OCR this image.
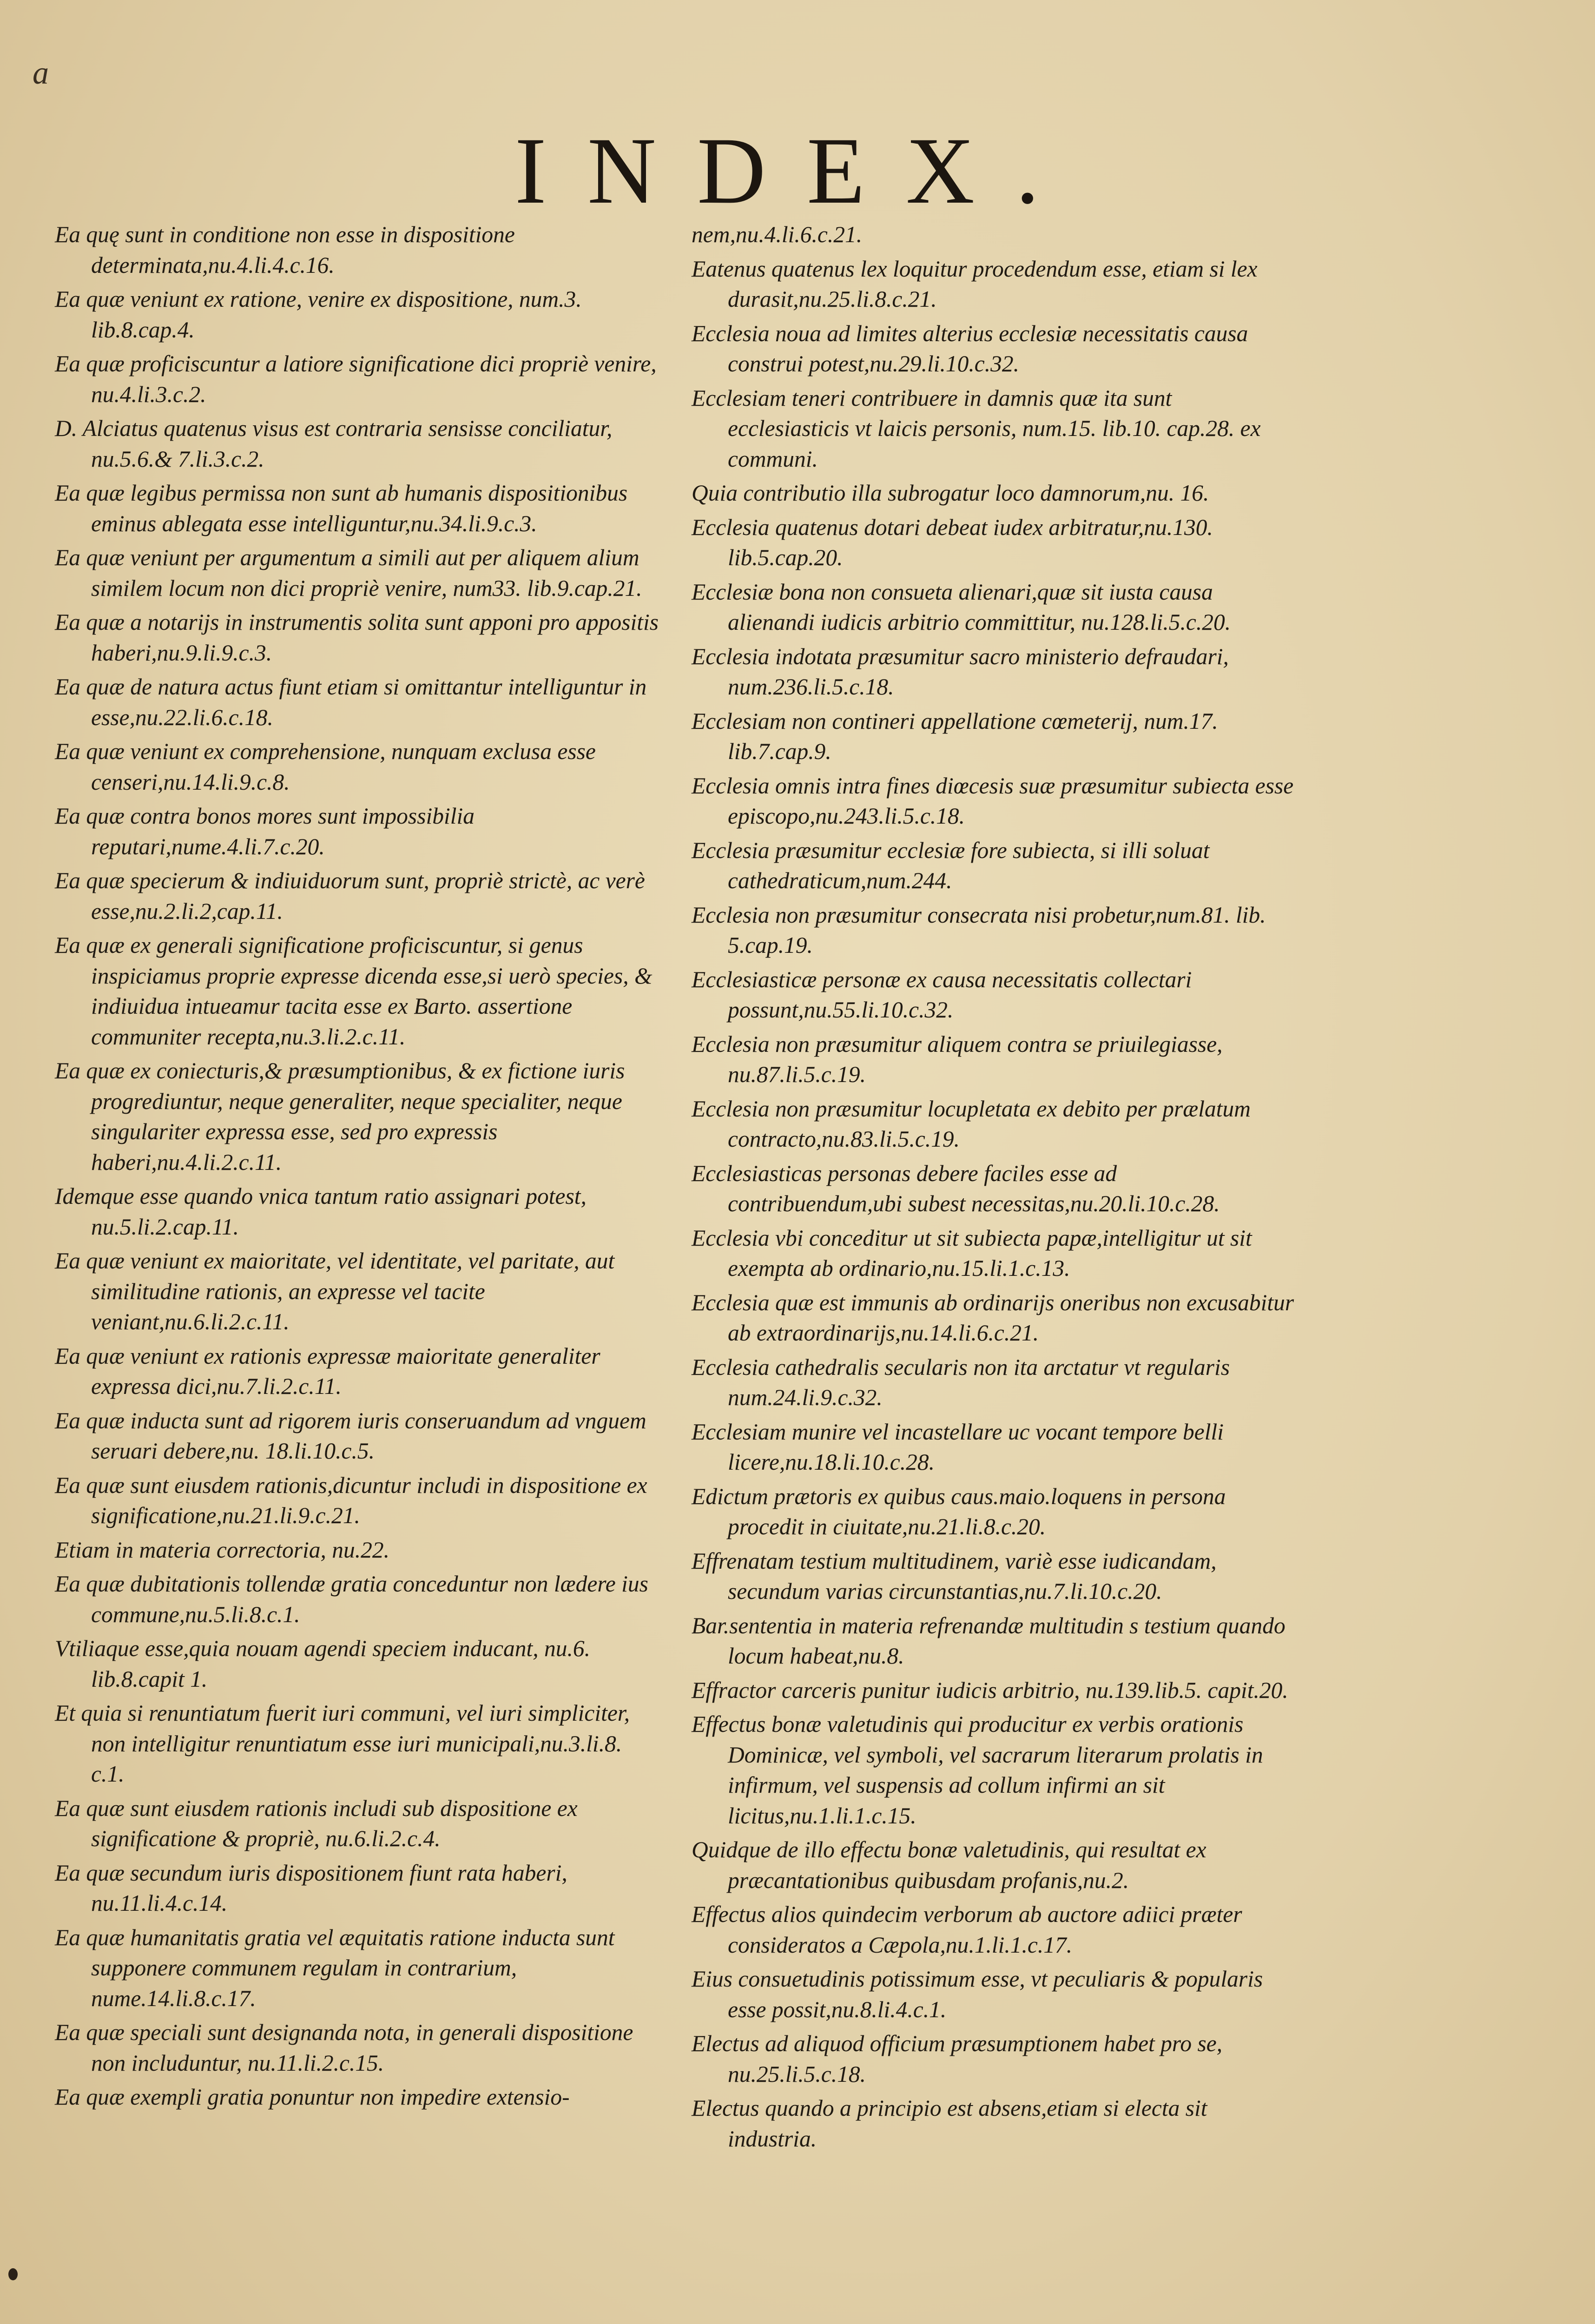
a
INDEX.

Ea quę sunt in conditione non esse in dispositione determinata,nu.4.li.4.c.16.

Ea quæ veniunt ex ratione, venire ex dispositione, num.3. lib.8.cap.4.

Ea quæ proficiscuntur a latiore significatione dici propriè venire, nu.4.li.3.c.2.

D. Alciatus quatenus visus est contraria sensisse conciliatur, nu.5.6.& 7.li.3.c.2.

Ea quæ legibus permissa non sunt ab humanis dispositionibus eminus ablegata esse intelliguntur,nu.34.li.9.c.3.

Ea quæ veniunt per argumentum a simili aut per aliquem alium similem locum non dici propriè venire, num33. lib.9.cap.21.

Ea quæ a notarijs in instrumentis solita sunt apponi pro appositis haberi,nu.9.li.9.c.3.

Ea quæ de natura actus fiunt etiam si omittantur intelliguntur in esse,nu.22.li.6.c.18.

Ea quæ veniunt ex comprehensione, nunquam exclusa esse censeri,nu.14.li.9.c.8.

Ea quæ contra bonos mores sunt impossibilia reputari,nume.4.li.7.c.20.

Ea quæ specierum & indiuiduorum sunt, propriè strictè, ac verè esse,nu.2.li.2,cap.11.

Ea quæ ex generali significatione proficiscuntur, si genus inspiciamus proprie expresse dicenda esse,si uerò species, & indiuidua intueamur tacita esse ex Barto. assertione communiter recepta,nu.3.li.2.c.11.

Ea quæ ex coniecturis,& præsumptionibus, & ex fictione iuris progrediuntur, neque generaliter, neque specialiter, neque singulariter expressa esse, sed pro expressis haberi,nu.4.li.2.c.11.

Idemque esse quando vnica tantum ratio assignari potest, nu.5.li.2.cap.11.

Ea quæ veniunt ex maioritate, vel identitate, vel paritate, aut similitudine rationis, an expresse vel tacite veniant,nu.6.li.2.c.11.

Ea quæ veniunt ex rationis expressæ maioritate generaliter expressa dici,nu.7.li.2.c.11.

Ea quæ inducta sunt ad rigorem iuris conseruandum ad vnguem seruari debere,nu. 18.li.10.c.5.

Ea quæ sunt eiusdem rationis,dicuntur includi in dispositione ex significatione,nu.21.li.9.c.21.

Etiam in materia correctoria, nu.22.

Ea quæ dubitationis tollendæ gratia conceduntur non lædere ius commune,nu.5.li.8.c.1.

Vtiliaque esse,quia nouam agendi speciem inducant, nu.6. lib.8.capit 1.

Et quia si renuntiatum fuerit iuri communi, vel iuri simpliciter, non intelligitur renuntiatum esse iuri municipali,nu.3.li.8. c.1.

Ea quæ sunt eiusdem rationis includi sub dispositione ex significatione & propriè, nu.6.li.2.c.4.

Ea quæ secundum iuris dispositionem fiunt rata haberi, nu.11.li.4.c.14.

Ea quæ humanitatis gratia vel æquitatis ratione inducta sunt supponere communem regulam in contrarium, nume.14.li.8.c.17.

Ea quæ speciali sunt designanda nota, in generali dispositione non includuntur, nu.11.li.2.c.15.

Ea quæ exempli gratia ponuntur non impedire extensio-

nem,nu.4.li.6.c.21.

Eatenus quatenus lex loquitur procedendum esse, etiam si lex durasit,nu.25.li.8.c.21.

Ecclesia noua ad limites alterius ecclesiæ necessitatis causa construi potest,nu.29.li.10.c.32.

Ecclesiam teneri contribuere in damnis quæ ita sunt ecclesiasticis vt laicis personis, num.15. lib.10. cap.28. ex communi.

Quia contributio illa subrogatur loco damnorum,nu. 16.

Ecclesia quatenus dotari debeat iudex arbitratur,nu.130. lib.5.cap.20.

Ecclesiæ bona non consueta alienari,quæ sit iusta causa alienandi iudicis arbitrio committitur, nu.128.li.5.c.20.

Ecclesia indotata præsumitur sacro ministerio defraudari, num.236.li.5.c.18.

Ecclesiam non contineri appellatione cœmeterij, num.17. lib.7.cap.9.

Ecclesia omnis intra fines diœcesis suæ præsumitur subiecta esse episcopo,nu.243.li.5.c.18.

Ecclesia præsumitur ecclesiæ fore subiecta, si illi soluat cathedraticum,num.244.

Ecclesia non præsumitur consecrata nisi probetur,num.81. lib. 5.cap.19.

Ecclesiasticæ personæ ex causa necessitatis collectari possunt,nu.55.li.10.c.32.

Ecclesia non præsumitur aliquem contra se priuilegiasse, nu.87.li.5.c.19.

Ecclesia non præsumitur locupletata ex debito per prælatum contracto,nu.83.li.5.c.19.

Ecclesiasticas personas debere faciles esse ad contribuendum,ubi subest necessitas,nu.20.li.10.c.28.

Ecclesia vbi conceditur ut sit subiecta papæ,intelligitur ut sit exempta ab ordinario,nu.15.li.1.c.13.

Ecclesia quæ est immunis ab ordinarijs oneribus non excusabitur ab extraordinarijs,nu.14.li.6.c.21.

Ecclesia cathedralis secularis non ita arctatur vt regularis num.24.li.9.c.32.

Ecclesiam munire vel incastellare uc vocant tempore belli licere,nu.18.li.10.c.28.

Edictum prætoris ex quibus caus.maio.loquens in persona procedit in ciuitate,nu.21.li.8.c.20.

Effrenatam testium multitudinem, variè esse iudicandam, secundum varias circunstantias,nu.7.li.10.c.20.

Bar.sententia in materia refrenandæ multitudin s testium quando locum habeat,nu.8.

Effractor carceris punitur iudicis arbitrio, nu.139.lib.5. capit.20.

Effectus bonæ valetudinis qui producitur ex verbis orationis Dominicæ, vel symboli, vel sacrarum literarum prolatis in infirmum, vel suspensis ad collum infirmi an sit licitus,nu.1.li.1.c.15.

Quidque de illo effectu bonæ valetudinis, qui resultat ex præcantationibus quibusdam profanis,nu.2.

Effectus alios quindecim verborum ab auctore adiici præter consideratos a Cæpola,nu.1.li.1.c.17.

Eius consuetudinis potissimum esse, vt peculiaris & popularis esse possit,nu.8.li.4.c.1.

Electus ad aliquod officium præsumptionem habet pro se, nu.25.li.5.c.18.

Electus quando a principio est absens,etiam si electa sit industria.
